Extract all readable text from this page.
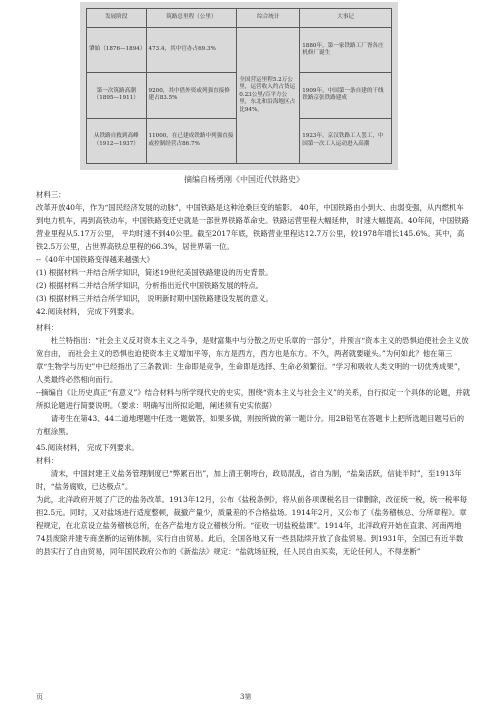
发展阶段	筑路总里程（公里）	综合统计	大事记
肇始（1876—1894）	473.4，其中官办占69.3%	全国营运里程5.2万公里，运营收入约占货运0.23公里/百平方公里，东北和沿海地区占比94%。	1880年，第一家铁路工厂胥各庄机修厂诞生
第一次筑路高潮（1895—1911）	9200，其中借外资或列强直接修建占83.5%		1909年，中国第一条自建的干线铁路京张铁路建成
从铁路自救到高峰（1912—1937）	11000，在已建成铁路中列强直接或控制经营占86.7%		1923年，京汉铁路工人罢工，中国第一次工人运动进入高潮
摘编自杨勇刚《中国近代铁路史》

材料三：

改革开放40年，作为“国民经济发展的动脉”，中国铁路是这种沧桑巨变的缩影。 40年，中国铁路由小到大、由弱变强，从内燃机车到电力机车，再到高铁动车，中国铁路变迁史就是一部世界铁路革命史。铁路运营里程大幅延伸， 时速大幅提高。40年间，中国铁路营业里程从5.17万公里， 平均时速不到40公里。截至2017年底，铁路营业里程达12.7万公里，较1978年增长145.6%。其中，高铁2.5万公里，占世界高铁总里程的66.3%，居世界第一位。

--《40年中国铁路变得越来越强大》

(1) 根据材料一并结合所学知识，简述19世纪美国铁路建设的历史背景。

(2) 根据材料二并结合所学知识，分析指出近代中国铁路发展的特点。

(3) 根据材料三并结合所学知识， 说明新时期中国铁路建设发展的意义。

42.阅读材料， 完成下列要求。

材料：

杜兰特指出：“社会主义反对资本主义之斗争，是财富集中与分散之历史乐章的一部分”，并预言“资本主义的恐惧迫使社会主义放宽自由， 而社会主义的恐惧也迫使资本主义增加平等，东方是西方，西方也是东方。不久，两者就要碰头。”为何如此？他在第三章“生物学与历史”中已经指出了三条教训：生命即是竞争，生命即是选择、生命必须繁衍。“学习和吸收人类文明的一切优秀成果”，人类最终必然相向而行。

--摘编自《让历史真正“有意义”》结合材料与所学现代史的史实，围绕“资本主义与社会主义”的关系，自行拟定一个具体的论题，并就所拟论题进行简要说明。（要求：明确写出所拟论题，阐述须有史实依据）

请考生在第43、44二道地理题中任选一题做答，如果多做，则按所做的第一题计分。用2B铅笔在答题卡上把所选题目题号后的方框涂黑。

45.阅读材料， 完成下列要求。

材料：

清末，中国封建王义盐务管理制度已“弊累百出”，加上清王朝垮台，政局混乱，省自为制，“盐枭活跃，信徒半时”，至1913年时，“盐务腐败，已达极点”。

为此，北洋政府开展了广泛的盐务改革。1913年12月，公布《盐税条例》，将从前各项课税名目一律删除，改征统一税，统一税率每担2.5元。同时，又对盐场进行适度整顿，裁撤产量少，质量差的不合格盐场。1914年2月，又公布了《盐务稽核总、分所章程》。章程规定，在北京设立盐务稽核总所，在各产盐地方设立稽核分所。“征收一切盐税盐课”。1914年，北洋政府开始在直隶、河南两地74县废除并建专商垄断的运销体制，实行自由贸易。此后，全国各地又有一些县陆续开放了食盐贸易。到1931年，全国已有近半数的县实行了自由贸易，同年国民政府公布的《新盐法》规定：“盐就场征税，任人民自由买卖，无论任何人，不得垄断”

页	3第
